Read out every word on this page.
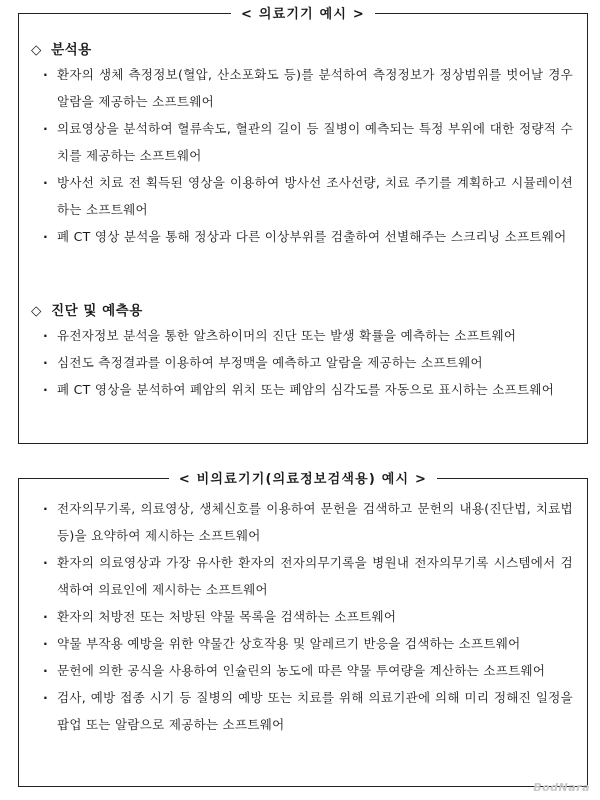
< 의료기기 예시 >
◇ 분석용
· 환자의 생체 측정정보(혈압, 산소포화도 등)를 분석하여 측정정보가 정상범위를 벗어날 경우 알람을 제공하는 소프트웨어
· 의료영상을 분석하여 혈류속도, 혈관의 길이 등 질병이 예측되는 특정 부위에 대한 정량적 수치를 제공하는 소프트웨어
· 방사선 치료 전 획득된 영상을 이용하여 방사선 조사선량, 치료 주기를 계획하고 시뮬레이션 하는 소프트웨어
· 폐 CT 영상 분석을 통해 정상과 다른 이상부위를 검출하여 선별해주는 스크리닝 소프트웨어
◇ 진단 및 예측용
· 유전자정보 분석을 통한 알츠하이머의 진단 또는 발생 확률을 예측하는 소프트웨어
· 심전도 측정결과를 이용하여 부정맥을 예측하고 알람을 제공하는 소프트웨어
· 폐 CT 영상을 분석하여 폐암의 위치 또는 폐암의 심각도를 자동으로 표시하는 소프트웨어
< 비의료기기(의료정보검색용) 예시 >
· 전자의무기록, 의료영상, 생체신호를 이용하여 문헌을 검색하고 문헌의 내용(진단법, 치료법 등)을 요약하여 제시하는 소프트웨어
· 환자의 의료영상과 가장 유사한 환자의 전자의무기록을 병원내 전자의무기록 시스템에서 검색하여 의료인에 제시하는 소프트웨어
· 환자의 처방전 또는 처방된 약물 목록을 검색하는 소프트웨어
· 약물 부작용 예방을 위한 약물간 상호작용 및 알레르기 반응을 검색하는 소프트웨어
· 문헌에 의한 공식을 사용하여 인슐린의 농도에 따른 약물 투여량을 계산하는 소프트웨어
· 검사, 예방 접종 시기 등 질병의 예방 또는 치료를 위해 의료기관에 의해 미리 정해진 일정을 팝업 또는 알람으로 제공하는 소프트웨어
BodNara
